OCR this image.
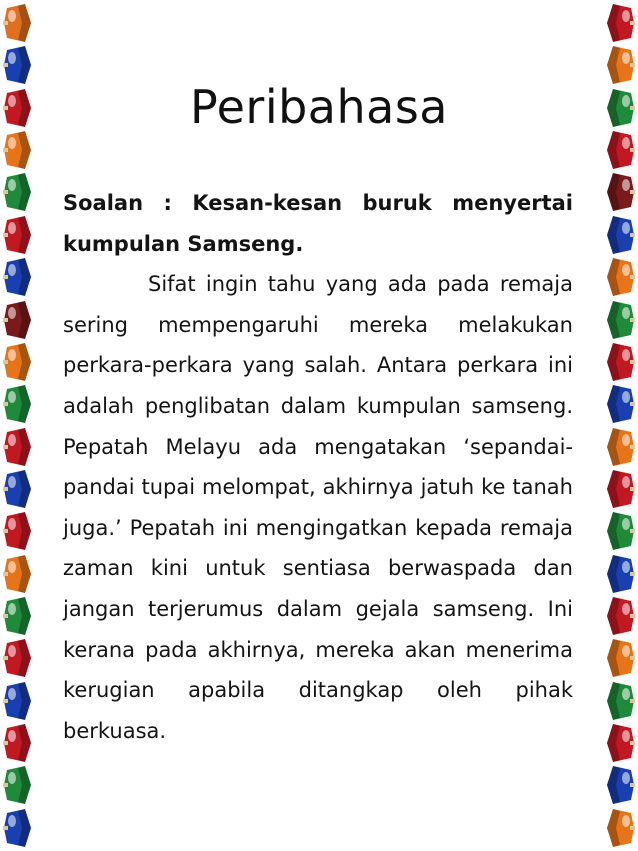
Peribahasa

Soalan : Kesan-kesan buruk menyertai kumpulan Samseng.

Sifat ingin tahu yang ada pada remaja sering mempengaruhi mereka melakukan perkara-perkara yang salah. Antara perkara ini adalah penglibatan dalam kumpulan samseng. Pepatah Melayu ada mengatakan ‘sepandai-pandai tupai melompat, akhirnya jatuh ke tanah juga.’ Pepatah ini mengingatkan kepada remaja zaman kini untuk sentiasa berwaspada dan jangan terjerumus dalam gejala samseng. Ini kerana pada akhirnya, mereka akan menerima kerugian apabila ditangkap oleh pihak berkuasa.
